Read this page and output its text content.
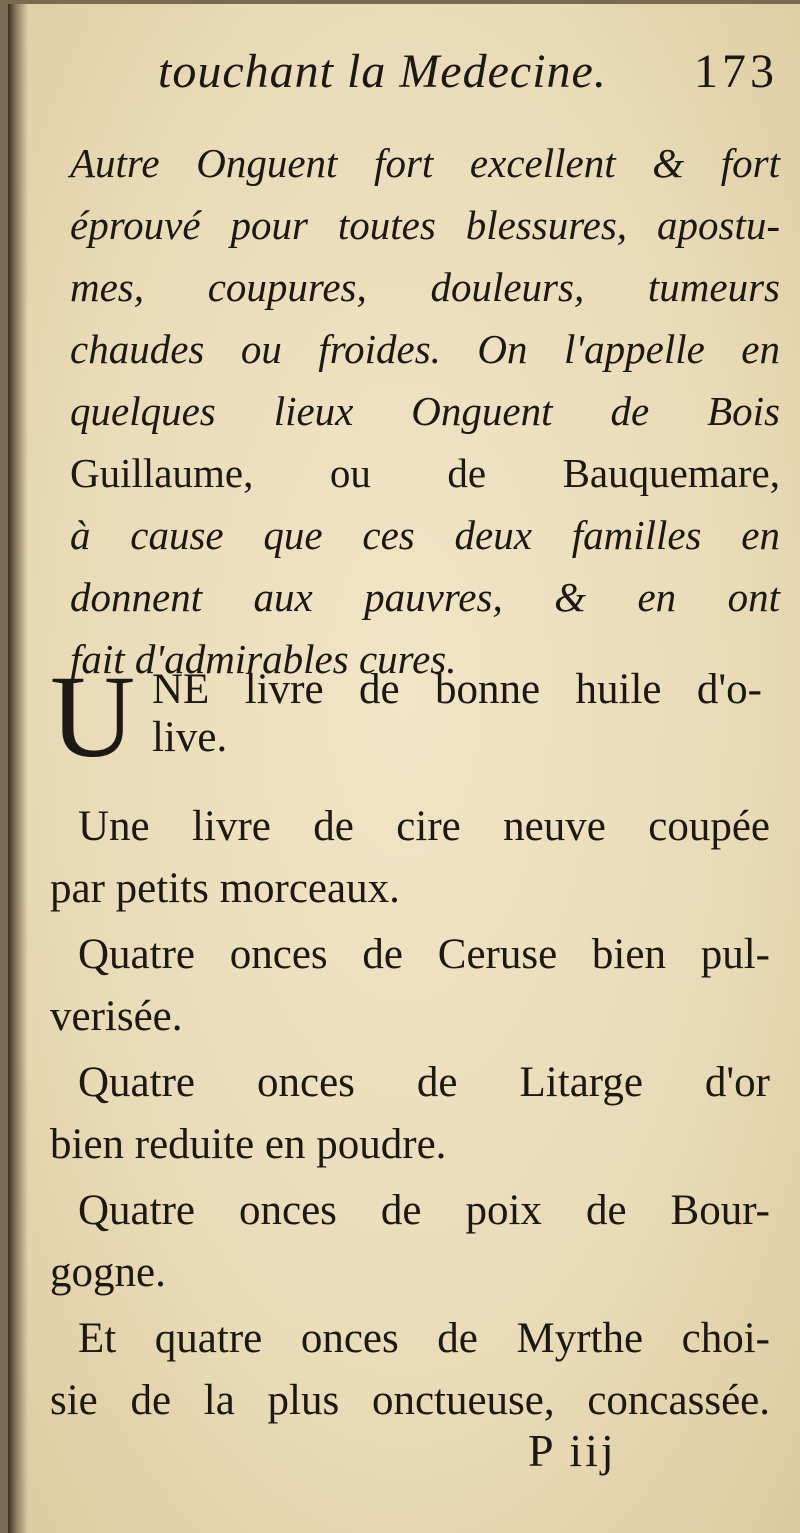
touchant la Medecine. 173
Autre Onguent fort excellent & fort
éprouvé pour toutes blessures, apostu-
mes, coupures, douleurs, tumeurs
chaudes ou froides. On l'appelle en
quelques lieux Onguent de Bois
Guillaume, ou de Bauquemare,
à cause que ces deux familles en
donnent aux pauvres, & en ont
fait d'admirables cures.
U NE livre de bonne huile d'o-
live.
Une livre de cire neuve coupée
par petits morceaux.
Quatre onces de Ceruse bien pul-
verisée.
Quatre onces de Litarge d'or
bien reduite en poudre.
Quatre onces de poix de Bour-
gogne.
Et quatre onces de Myrthe choi-
sie de la plus onctueuse, concassée.
P iij
